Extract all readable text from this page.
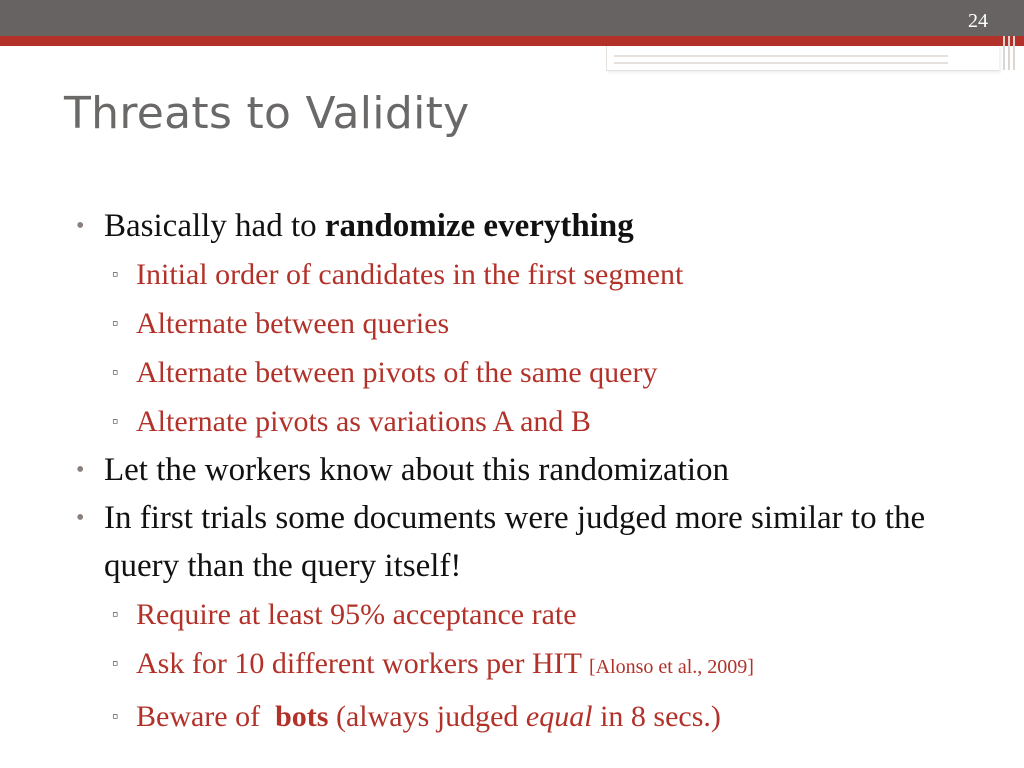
24
Threats to Validity
• Basically had to randomize everything
▫ Initial order of candidates in the first segment
▫ Alternate between queries
▫ Alternate between pivots of the same query
▫ Alternate pivots as variations A and B
• Let the workers know about this randomization
• In first trials some documents were judged more similar to the query than the query itself!
▫ Require at least 95% acceptance rate
▫ Ask for 10 different workers per HIT [Alonso et al., 2009]
▫ Beware of  bots (always judged equal in 8 secs.)
